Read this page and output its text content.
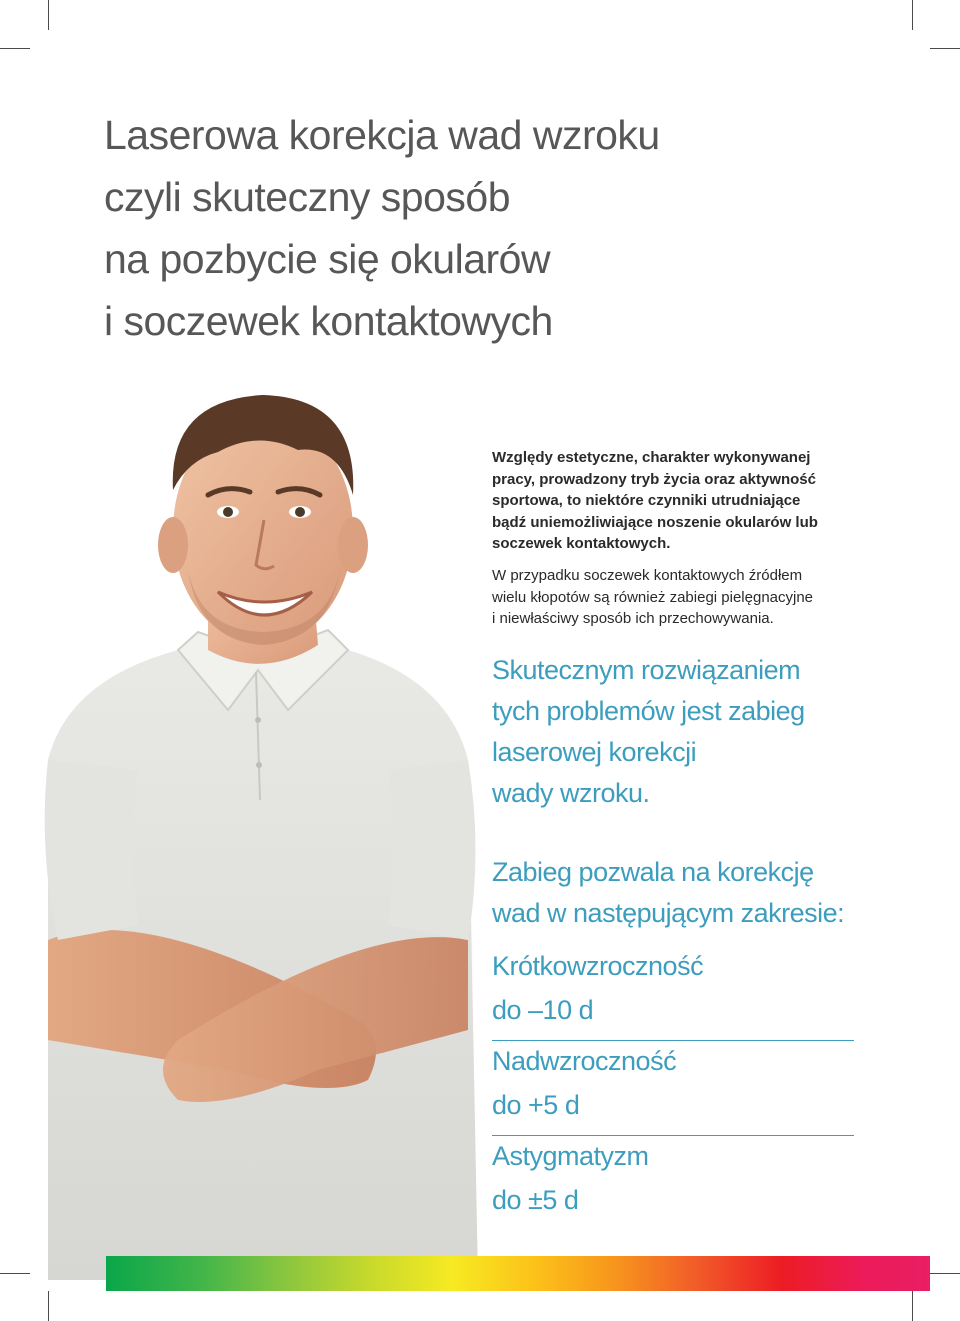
Laserowa korekcja wad wzroku
czyli skuteczny sposób
na pozbycie się okularów
i soczewek kontaktowych
Względy estetyczne, charakter wykonywanej
pracy, prowadzony tryb życia oraz aktywność
sportowa, to niektóre czynniki utrudniające
bądź uniemożliwiające noszenie okularów lub
soczewek kontaktowych.
W przypadku soczewek kontaktowych źródłem
wielu kłopotów są również zabiegi pielęgnacyjne
i niewłaściwy sposób ich przechowywania.
Skutecznym rozwiązaniem
tych problemów jest zabieg
laserowej korekcji
wady wzroku.
Zabieg pozwala na korekcję
wad w następującym zakresie:
Krótkowzroczność
do –10 d
Nadwzroczność
do +5 d
Astygmatyzm
do ±5 d
